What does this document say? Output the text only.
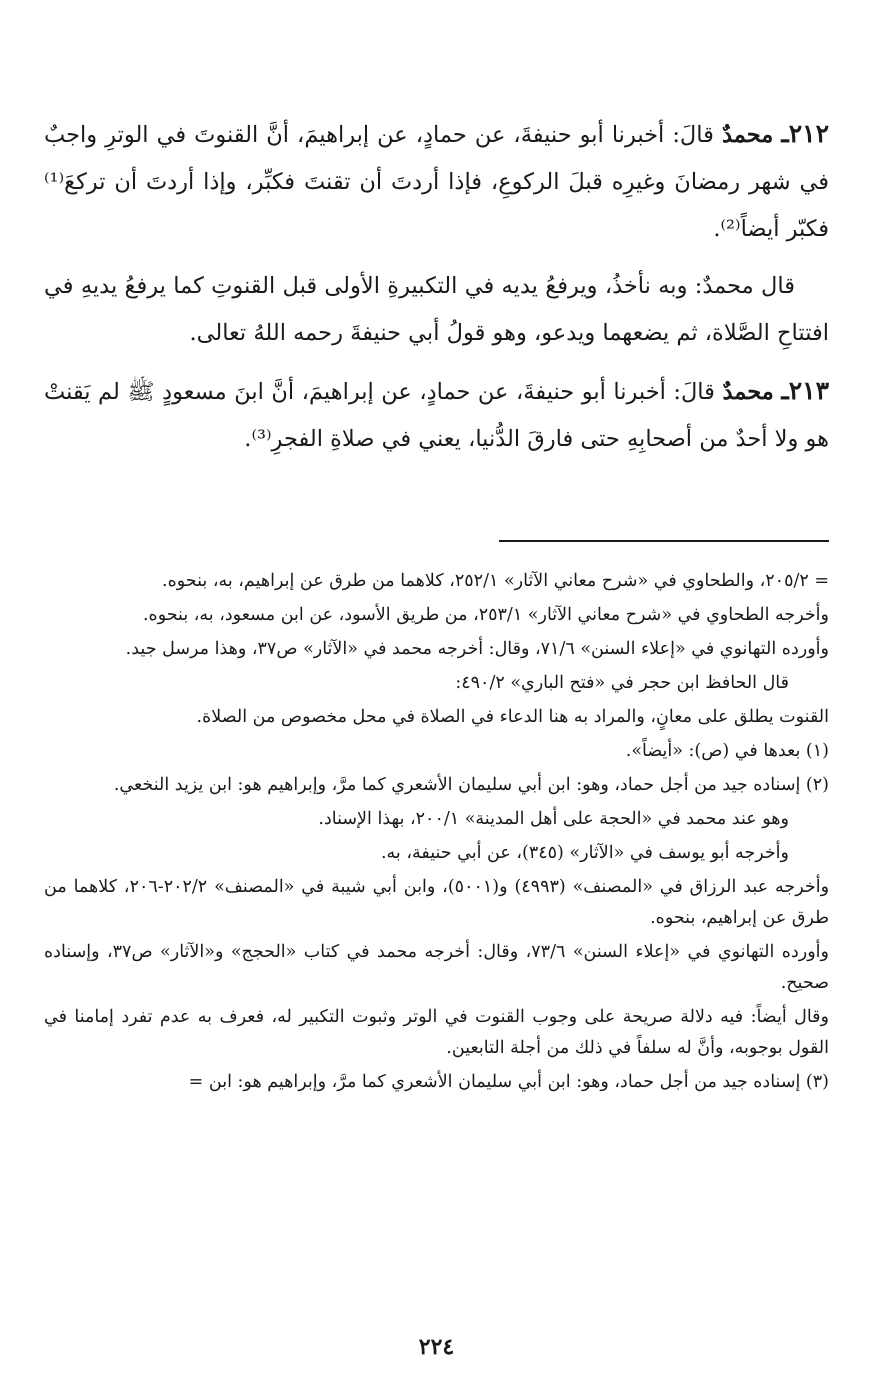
٢١٢ـ محمدٌ قالَ: أخبرنا أبو حنيفةَ، عن حمادٍ، عن إبراهيمَ، أنَّ القنوتَ في الوترِ واجبٌ في شهر رمضانَ وغيرِه قبلَ الركوعِ، فإذا أردتَ أن تقنتَ فكبِّر، وإذا أردتَ أن تركعَ⁽¹⁾ فكبّر أيضاً⁽²⁾.

قال محمدٌ: وبه نأخذُ، ويرفعُ يديه في التكبيرةِ الأولى قبل القنوتِ كما يرفعُ يديهِ في افتتاحِ الصَّلاة، ثم يضعهما ويدعو، وهو قولُ أبي حنيفةَ رحمه اللهُ تعالى.

٢١٣ـ محمدٌ قالَ: أخبرنا أبو حنيفةَ، عن حمادٍ، عن إبراهيمَ، أنَّ ابنَ مسعودٍ ﷺ لم يَقنتْ هو ولا أحدٌ من أصحابِهِ حتى فارقَ الدُّنيا، يعني في صلاةِ الفجرِ⁽³⁾.

= ٢٠٥/٢، والطحاوي في «شرح معاني الآثار» ٢٥٢/١، كلاهما من طرق عن إبراهيم، به، بنحوه.

وأخرجه الطحاوي في «شرح معاني الآثار» ٢٥٣/١، من طريق الأسود، عن ابن مسعود، به، بنحوه.

وأورده التهانوي في «إعلاء السنن» ٧١/٦، وقال: أخرجه محمد في «الآثار» ص٣٧، وهذا مرسل جيد.

قال الحافظ ابن حجر في «فتح الباري» ٤٩٠/٢:

القنوت يطلق على معانٍ، والمراد به هنا الدعاء في الصلاة في محل مخصوص من الصلاة.

(١) بعدها في (ص): «أيضاً».

(٢) إسناده جيد من أجل حماد، وهو: ابن أبي سليمان الأشعري كما مرَّ، وإبراهيم هو: ابن يزيد النخعي.

وهو عند محمد في «الحجة على أهل المدينة» ٢٠٠/١، بهذا الإسناد.

وأخرجه أبو يوسف في «الآثار» (٣٤٥)، عن أبي حنيفة، به.

وأخرجه عبد الرزاق في «المصنف» (٤٩٩٣) و(٥٠٠١)، وابن أبي شيبة في «المصنف» ٢٠٢/٢-٢٠٦، كلاهما من طرق عن إبراهيم، بنحوه.

وأورده التهانوي في «إعلاء السنن» ٧٣/٦، وقال: أخرجه محمد في كتاب «الحجج» و«الآثار» ص٣٧، وإسناده صحيح.

وقال أيضاً: فيه دلالة صريحة على وجوب القنوت في الوتر وثبوت التكبير له، فعرف به عدم تفرد إمامنا في القول بوجوبه، وأنَّ له سلفاً في ذلك من أجلة التابعين.

(٣) إسناده جيد من أجل حماد، وهو: ابن أبي سليمان الأشعري كما مرَّ، وإبراهيم هو: ابن =

٢٢٤
